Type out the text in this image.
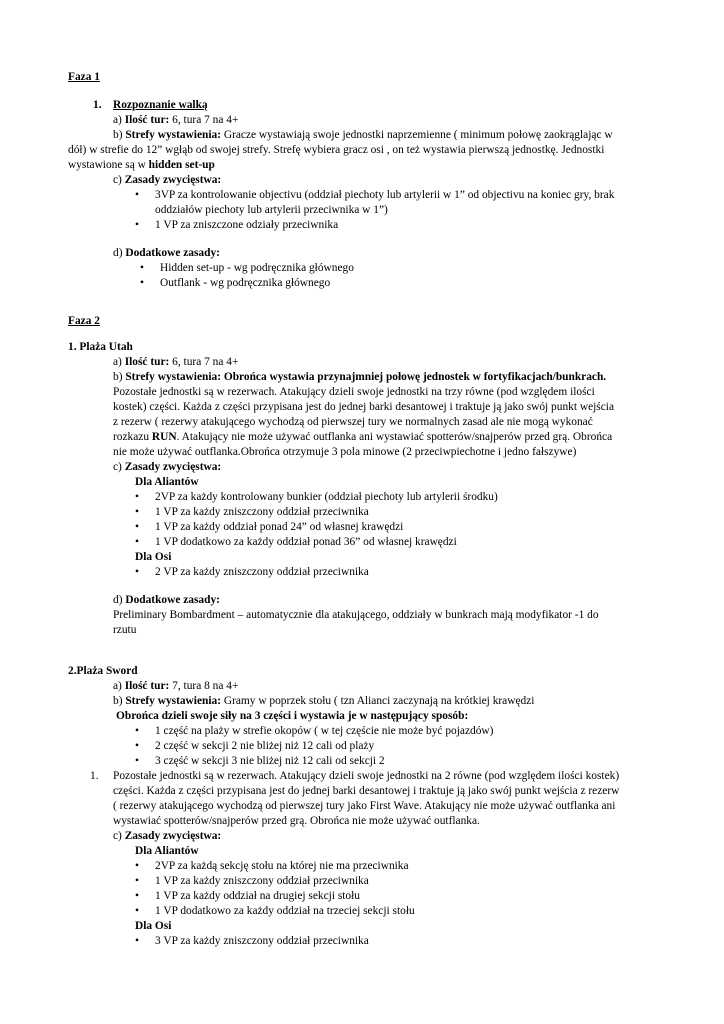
Faza 1
1. Rozpoznanie walką
a) Ilość tur: 6, tura 7 na 4+
b) Strefy wystawienia: Gracze wystawiają swoje jednostki naprzemienne ( minimum połowę zaokrąglając w
dół) w strefie do 12” wgłąb od swojej strefy. Strefę wybiera gracz osi , on też wystawia pierwszą jednostkę. Jednostki
wystawione są w hidden set-up
c) Zasady zwycięstwa:
• 3VP za kontrolowanie objectivu (oddział piechoty lub artylerii w 1” od objectivu na koniec gry, brak
oddziałów piechoty lub artylerii przeciwnika w 1”)
• 1 VP za zniszczone odziały przeciwnika
d) Dodatkowe zasady:
• Hidden set-up - wg podręcznika głównego
• Outflank - wg podręcznika głównego
Faza 2
1. Plaża Utah
a) Ilość tur: 6, tura 7 na 4+
b) Strefy wystawienia: Obrońca wystawia przynajmniej połowę jednostek w fortyfikacjach/bunkrach.
Pozostałe jednostki są w rezerwach. Atakujący dzieli swoje jednostki na trzy równe (pod względem ilości
kostek) części. Każda z części przypisana jest do jednej barki desantowej i traktuje ją jako swój punkt wejścia
z rezerw ( rezerwy atakującego wychodzą od pierwszej tury we normalnych zasad ale nie mogą wykonać
rozkazu RUN. Atakujący nie może używać outflanka ani wystawiać spotterów/snajperów przed grą. Obrońca
nie może używać outflanka.Obrońca otrzymuje 3 pola minowe (2 przeciwpiechotne i jedno fałszywe)
c) Zasady zwycięstwa:
Dla Aliantów
• 2VP za każdy kontrolowany bunkier (oddział piechoty lub artylerii środku)
• 1 VP za każdy zniszczony oddział przeciwnika
• 1 VP za każdy oddział ponad 24” od własnej krawędzi
• 1 VP dodatkowo za każdy oddział ponad 36” od własnej krawędzi
Dla Osi
• 2 VP za każdy zniszczony oddział przeciwnika
d) Dodatkowe zasady:
Preliminary Bombardment – automatycznie dla atakującego, oddziały w bunkrach mają modyfikator -1 do
rzutu
2.Plaża Sword
a) Ilość tur: 7, tura 8 na 4+
b) Strefy wystawienia: Gramy w poprzek stołu ( tzn Alianci zaczynają na krótkiej krawędzi
Obrońca dzieli swoje siły na 3 części i wystawia je w następujący sposób:
• 1 część na plaży w strefie okopów ( w tej częście nie może być pojazdów)
• 2 część w sekcji 2 nie bliżej niż 12 cali od plaży
• 3 część w sekcji 3 nie bliżej niż 12 cali od sekcji 2
1. Pozostałe jednostki są w rezerwach. Atakujący dzieli swoje jednostki na 2 równe (pod względem ilości kostek)
części. Każda z części przypisana jest do jednej barki desantowej i traktuje ją jako swój punkt wejścia z rezerw
( rezerwy atakującego wychodzą od pierwszej tury jako First Wave. Atakujący nie może używać outflanka ani
wystawiać spotterów/snajperów przed grą. Obrońca nie może używać outflanka.
c) Zasady zwycięstwa:
Dla Aliantów
• 2VP za każdą sekcję stołu na której nie ma przeciwnika
• 1 VP za każdy zniszczony oddział przeciwnika
• 1 VP za każdy oddział na drugiej sekcji stołu
• 1 VP dodatkowo za każdy oddział na trzeciej sekcji stołu
Dla Osi
• 3 VP za każdy zniszczony oddział przeciwnika
